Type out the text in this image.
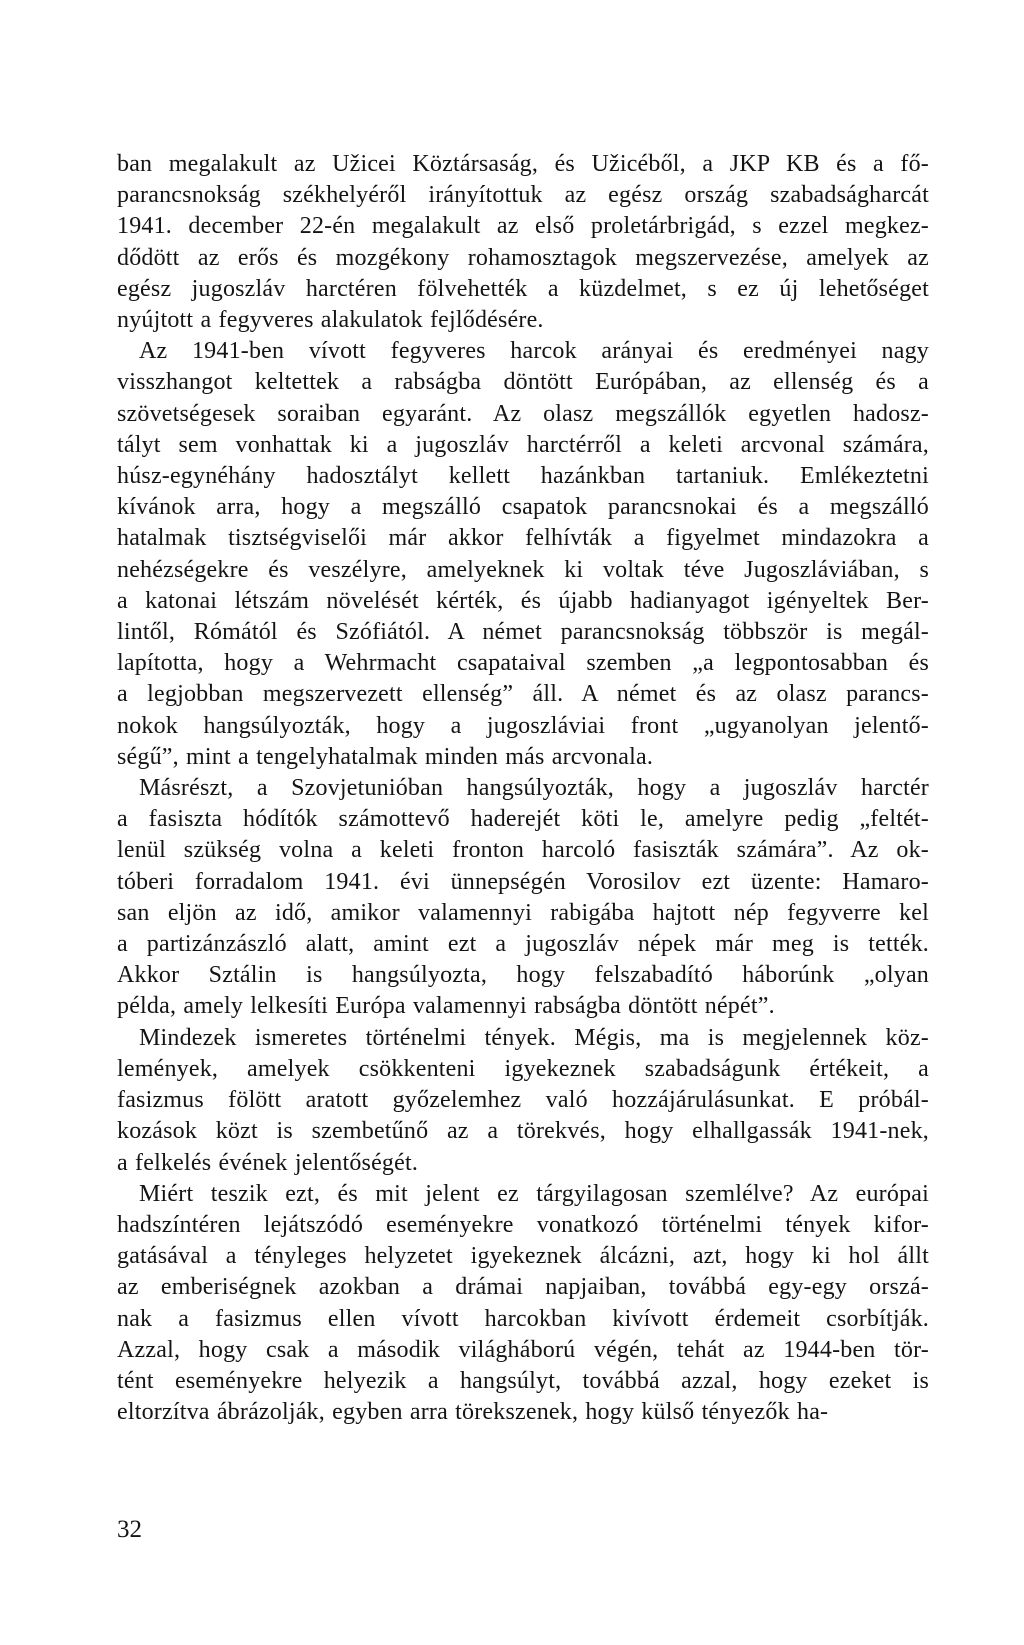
ban megalakult az Užicei Köztársaság, és Užicéből, a JKP KB és a fő-
parancsnokság székhelyéről irányítottuk az egész ország szabadságharcát
1941. december 22-én megalakult az első proletárbrigád, s ezzel megkez-
dődött az erős és mozgékony rohamosztagok megszervezése, amelyek az
egész jugoszláv harctéren fölvehették a küzdelmet, s ez új lehetőséget
nyújtott a fegyveres alakulatok fejlődésére.

Az 1941-ben vívott fegyveres harcok arányai és eredményei nagy
visszhangot keltettek a rabságba döntött Európában, az ellenség és a
szövetségesek soraiban egyaránt. Az olasz megszállók egyetlen hadosz-
tályt sem vonhattak ki a jugoszláv harctérről a keleti arcvonal számára,
húsz-egynéhány hadosztályt kellett hazánkban tartaniuk. Emlékeztetni
kívánok arra, hogy a megszálló csapatok parancsnokai és a megszálló
hatalmak tisztségviselői már akkor felhívták a figyelmet mindazokra a
nehézségekre és veszélyre, amelyeknek ki voltak téve Jugoszláviában, s
a katonai létszám növelését kérték, és újabb hadianyagot igényeltek Ber-
lintől, Rómától és Szófiától. A német parancsnokság többször is megál-
lapította, hogy a Wehrmacht csapataival szemben „a legpontosabban és
a legjobban megszervezett ellenség” áll. A német és az olasz parancs-
nokok hangsúlyozták, hogy a jugoszláviai front „ugyanolyan jelentő-
ségű”, mint a tengelyhatalmak minden más arcvonala.

Másrészt, a Szovjetunióban hangsúlyozták, hogy a jugoszláv harctér
a fasiszta hódítók számottevő haderejét köti le, amelyre pedig „feltét-
lenül szükség volna a keleti fronton harcoló fasiszták számára”. Az ok-
tóberi forradalom 1941. évi ünnepségén Vorosilov ezt üzente: Hamaro-
san eljön az idő, amikor valamennyi rabigába hajtott nép fegyverre kel
a partizánzászló alatt, amint ezt a jugoszláv népek már meg is tették.
Akkor Sztálin is hangsúlyozta, hogy felszabadító háborúnk „olyan
példa, amely lelkesíti Európa valamennyi rabságba döntött népét”.

Mindezek ismeretes történelmi tények. Mégis, ma is megjelennek köz-
lemények, amelyek csökkenteni igyekeznek szabadságunk értékeit, a
fasizmus fölött aratott győzelemhez való hozzájárulásunkat. E próbál-
kozások közt is szembetűnő az a törekvés, hogy elhallgassák 1941-nek,
a felkelés évének jelentőségét.

Miért teszik ezt, és mit jelent ez tárgyilagosan szemlélve? Az európai
hadszíntéren lejátszódó eseményekre vonatkozó történelmi tények kifor-
gatásával a tényleges helyzetet igyekeznek álcázni, azt, hogy ki hol állt
az emberiségnek azokban a drámai napjaiban, továbbá egy-egy orszá-
nak a fasizmus ellen vívott harcokban kivívott érdemeit csorbítják.
Azzal, hogy csak a második világháború végén, tehát az 1944-ben tör-
tént eseményekre helyezik a hangsúlyt, továbbá azzal, hogy ezeket is
eltorzítva ábrázolják, egyben arra törekszenek, hogy külső tényezők ha-

32
